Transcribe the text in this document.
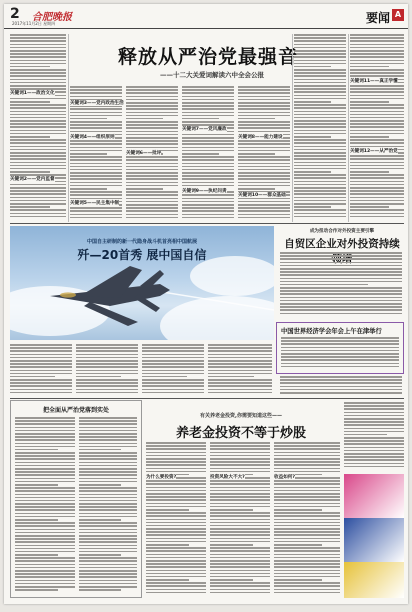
2 合肥晚报
2017年11月2日 星期四	要闻 A
释放从严治党最强音
——十二大关爱词解读六中全会公报
关键词1——政治文化
关键词2——党内监督
关键词3——党内政治生活
关键词4——组织原则
关键词5——民主集中制
关键词6——批评
关键词7——党风廉政
关键词8——能力建设
关键词9——执纪问责
关键词10——群众基础
关键词11——真正学懂
关键词12——从严治党
中国自主研制的新一代隐身战斗机首亮相中国航展
歼—20首秀 展中国自信
成为扭动合作对外投资主要引擎
自贸区企业对外投资持续
中国世界经济学会年会上午在津举行
把全面从严治党落到实处
有关养老金投资,你需要知道这些——
养老金投资不等于炒股
为什么要投资?	投资风险大不大?	收益如何?
